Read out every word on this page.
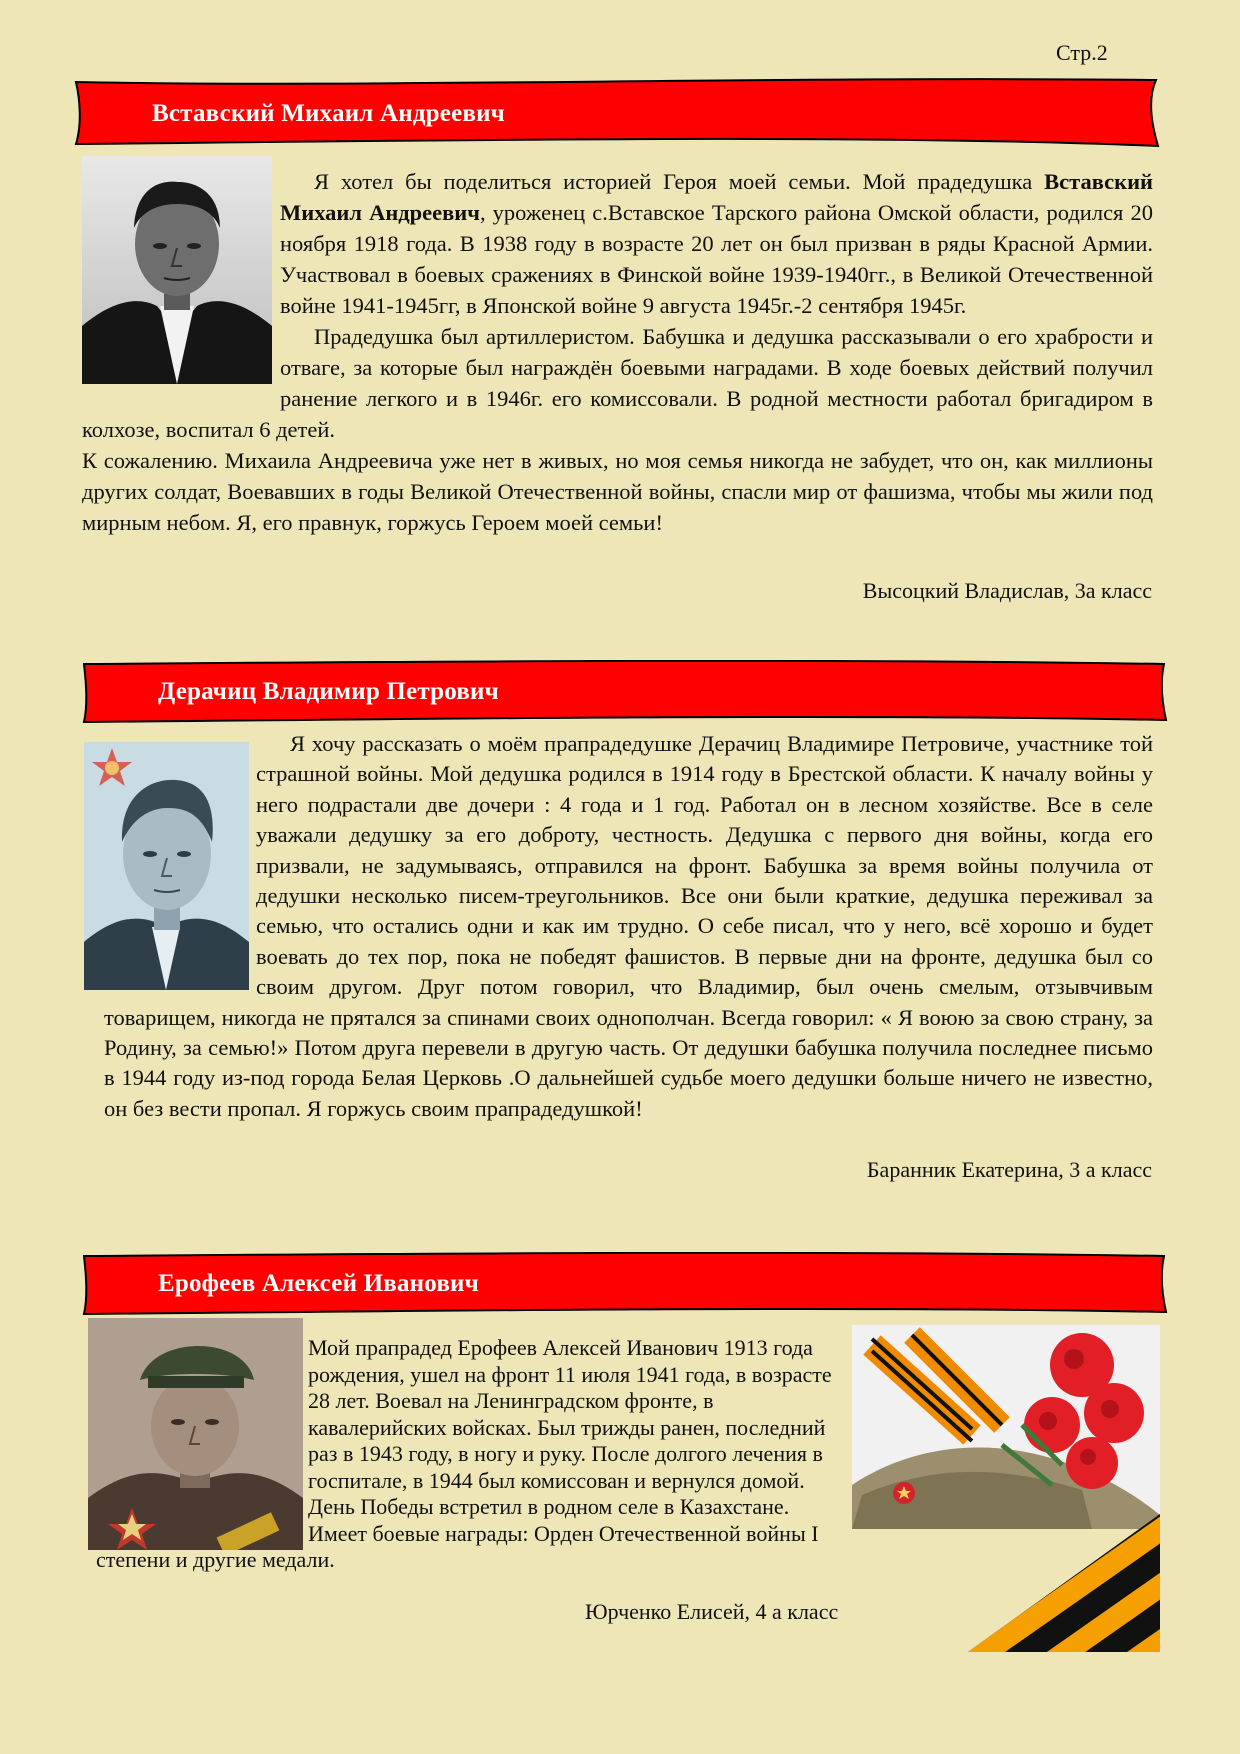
Стр.2
Вставский Михаил Андреевич

Я хотел бы поделиться историей Героя моей семьи. Мой прадедушка Вставский Михаил Андреевич, уроженец с.Вставское Тарского района Омской области, родился 20 ноября 1918 года. В 1938 году в возрасте 20 лет он был призван в ряды Красной Армии. Участвовал в боевых сражениях в Финской войне 1939-1940гг., в Великой Отечественной войне 1941-1945гг, в Японской войне 9 августа 1945г.-2 сентября 1945г.

Прадедушка был артиллеристом. Бабушка и дедушка рассказывали о его храбрости и отваге, за которые был награждён боевыми наградами. В ходе боевых действий получил ранение легкого и в 1946г. его комиссовали. В родной местности работал бригадиром в колхозе, воспитал 6 детей.

К сожалению. Михаила Андреевича уже нет в живых, но моя семья никогда не забудет, что он, как миллионы других солдат, Воевавших в годы Великой Отечественной войны, спасли мир от фашизма, чтобы мы жили под мирным небом. Я, его правнук, горжусь Героем моей семьи!

Высоцкий Владислав, 3а класс
Дерачиц Владимир Петрович

Я хочу рассказать о моём прапрадедушке Дерачиц Владимире Петровиче, участнике той страшной войны. Мой дедушка родился в 1914 году в Брестской области. К началу войны у него подрастали две дочери : 4 года и 1 год. Работал он в лесном хозяйстве. Все в селе уважали дедушку за его доброту, честность. Дедушка с первого дня войны, когда его призвали, не задумываясь, отправился на фронт. Бабушка за время войны получила от дедушки несколько писем-треугольников. Все они были краткие, дедушка переживал за семью, что остались одни и как им трудно. О себе писал, что у него, всё хорошо и будет воевать до тех пор, пока не победят фашистов. В первые дни на фронте, дедушка был со своим другом. Друг потом говорил, что Владимир, был очень смелым, отзывчивым товарищем, никогда не прятался за спинами своих однополчан. Всегда говорил: « Я воюю за свою страну, за Родину, за семью!» Потом друга перевели в другую часть. От дедушки бабушка получила последнее письмо в 1944 году из-под города Белая Церковь .О дальнейшей судьбе моего дедушки больше ничего не известно, он без вести пропал. Я горжусь своим прапрадедушкой!

Баранник Екатерина, 3 а класс
Ерофеев Алексей Иванович

Мой прапрадед Ерофеев Алексей Иванович 1913 года рождения, ушел на фронт 11 июля 1941 года, в возрасте 28 лет. Воевал на Ленинградском фронте, в кавалерийских войсках. Был трижды ранен, последний раз в 1943 году, в ногу и руку. После долгого лечения в госпитале, в 1944 был комиссован и вернулся домой. День Победы встретил в родном селе в Казахстане. Имеет боевые награды: Орден Отечественной войны I степени и другие медали.

Юрченко Елисей, 4 а класс
